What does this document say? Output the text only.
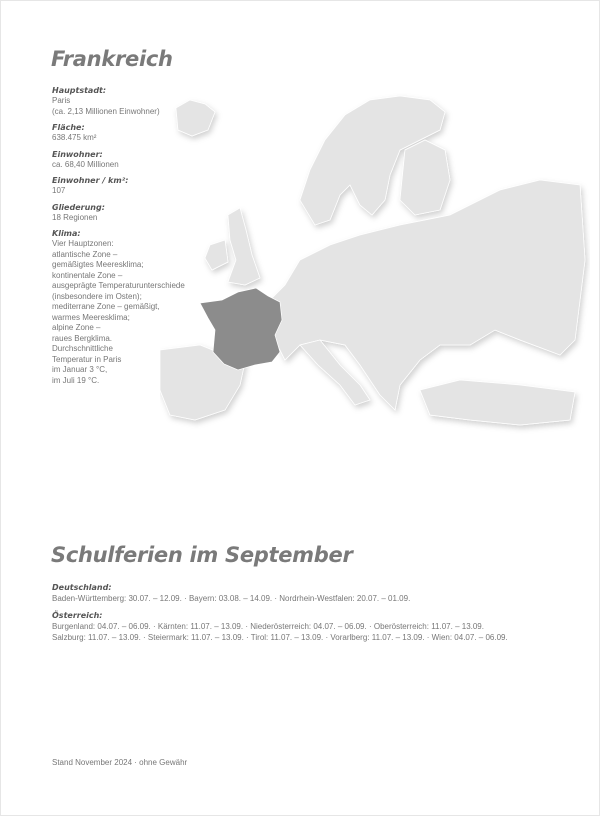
Frankreich
Hauptstadt:
Paris
(ca. 2,13 Millionen Einwohner)
Fläche:
638.475 km²
Einwohner:
ca. 68,40 Millionen
Einwohner / km²:
107
Gliederung:
18 Regionen
Klima:
Vier Hauptzonen:
atlantische Zone –
gemäßigtes Meeresklima;
kontinentale Zone –
ausgeprägte Temperaturunterschiede
(insbesondere im Osten);
mediterrane Zone – gemäßigt,
warmes Meeresklima;
alpine Zone –
raues Bergklima.
Durchschnittliche
Temperatur in Paris
im Januar 3 °C,
im Juli 19 °C.
Schulferien im September
Deutschland:
Baden-Württemberg: 30.07. – 12.09. · Bayern: 03.08. – 14.09. · Nordrhein-Westfalen: 20.07. – 01.09.
Österreich:
Burgenland: 04.07. – 06.09. · Kärnten: 11.07. – 13.09. · Niederösterreich: 04.07. – 06.09. · Oberösterreich: 11.07. – 13.09.
Salzburg: 11.07. – 13.09. · Steiermark: 11.07. – 13.09. · Tirol: 11.07. – 13.09. · Vorarlberg: 11.07. – 13.09. · Wien: 04.07. – 06.09.
Stand November 2024 · ohne Gewähr
